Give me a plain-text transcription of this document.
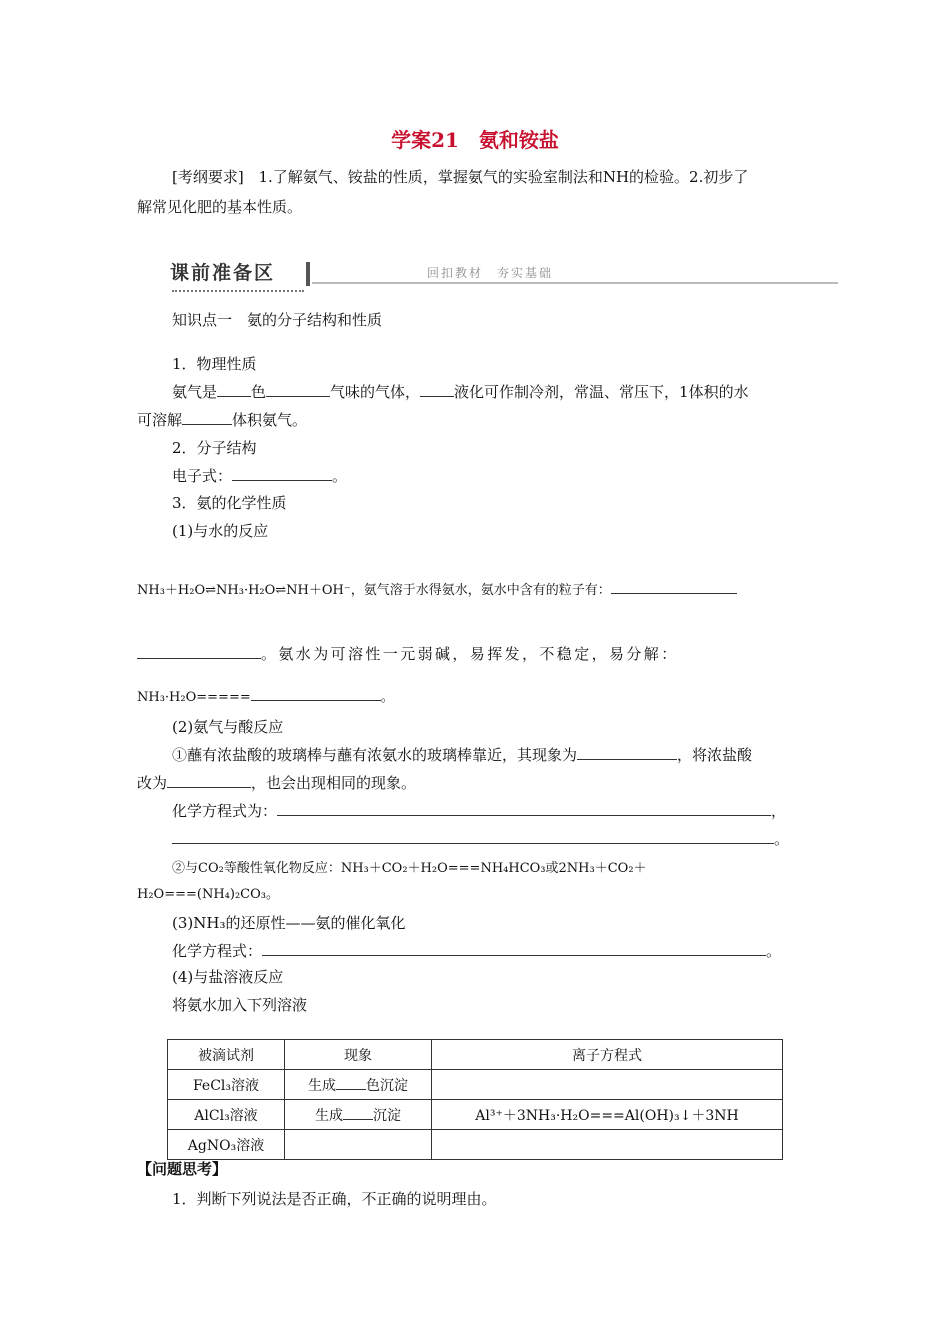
学案21　氨和铵盐
[考纲要求] 1.了解氨气、铵盐的性质，掌握氨气的实验室制法和NH的检验。2.初步了
解常见化肥的基本性质。
课前准备区	回扣教材　夯实基础
知识点一　氨的分子结构和性质
1．物理性质
氨气是 色	气味的气体， 液化可作制冷剂，常温、常压下，1体积的水
可溶解	体积氨气。
2．分子结构
电子式：	。
3．氨的化学性质
(1)与水的反应
NH₃＋H₂O⇌NH₃·H₂O⇌NH＋OH⁻，氨气溶于水得氨水，氨水中含有的粒子有：
。氨水为可溶性一元弱碱，易挥发，不稳定，易分解：
NH₃·H₂O=====	。
(2)氨气与酸反应
①蘸有浓盐酸的玻璃棒与蘸有浓氨水的玻璃棒靠近，其现象为	，将浓盐酸
改为	，也会出现相同的现象。
化学方程式为：	，
。
②与CO₂等酸性氧化物反应：NH₃＋CO₂＋H₂O===NH₄HCO₃或2NH₃＋CO₂＋
H₂O===(NH₄)₂CO₃。
(3)NH₃的还原性——氨的催化氧化
化学方程式：	。
(4)与盐溶液反应
将氨水加入下列溶液
被滴试剂	现象	离子方程式
FeCl₃溶液	生成 色沉淀	
AlCl₃溶液	生成 沉淀	Al³⁺＋3NH₃·H₂O===Al(OH)₃↓＋3NH
AgNO₃溶液		
【问题思考】
1．判断下列说法是否正确，不正确的说明理由。
